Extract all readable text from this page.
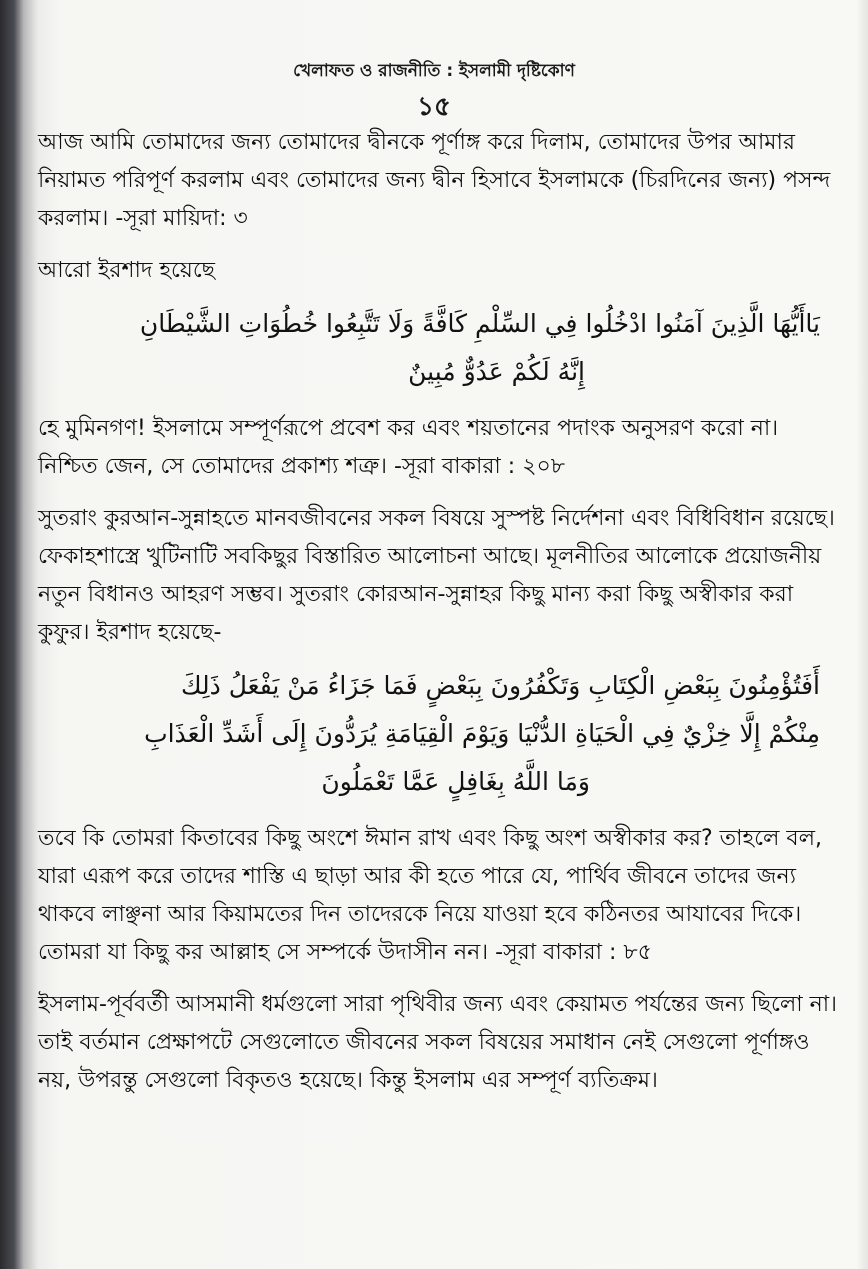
খেলাফত ও রাজনীতি : ইসলামী দৃষ্টিকোণ
১৫

আজ আমি তোমাদের জন্য তোমাদের দ্বীনকে পূর্ণাঙ্গ করে দিলাম, তোমাদের উপর আমার নিয়ামত পরিপূর্ণ করলাম এবং তোমাদের জন্য দ্বীন হিসাবে ইসলামকে (চিরদিনের জন্য) পসন্দ করলাম। -সূরা মায়িদা: ৩

আরো ইরশাদ হয়েছে

يَاأَيُّهَا الَّذِينَ آمَنُوا ادْخُلُوا فِي السِّلْمِ كَافَّةً وَلَا تَتَّبِعُوا خُطُوَاتِ الشَّيْطَانِ
إِنَّهُ لَكُمْ عَدُوٌّ مُبِينٌ

হে মুমিনগণ! ইসলামে সম্পূর্ণরূপে প্রবেশ কর এবং শয়তানের পদাংক অনুসরণ করো না। নিশ্চিত জেন, সে তোমাদের প্রকাশ্য শত্রু। -সূরা বাকারা : ২০৮

সুতরাং কুরআন-সুন্নাহতে মানবজীবনের সকল বিষয়ে সুস্পষ্ট নির্দেশনা এবং বিধিবিধান রয়েছে। ফেকাহশাস্ত্রে খুটিনাটি সবকিছুর বিস্তারিত আলোচনা আছে। মূলনীতির আলোকে প্রয়োজনীয় নতুন বিধানও আহরণ সম্ভব। সুতরাং কোরআন-সুন্নাহর কিছু মান্য করা কিছু অস্বীকার করা কুফুর। ইরশাদ হয়েছে-

أَفَتُؤْمِنُونَ بِبَعْضِ الْكِتَابِ وَتَكْفُرُونَ بِبَعْضٍ فَمَا جَزَاءُ مَنْ يَفْعَلُ ذَلِكَ
مِنْكُمْ إِلَّا خِزْيٌ فِي الْحَيَاةِ الدُّنْيَا وَيَوْمَ الْقِيَامَةِ يُرَدُّونَ إِلَى أَشَدِّ الْعَذَابِ
وَمَا اللَّهُ بِغَافِلٍ عَمَّا تَعْمَلُونَ

তবে কি তোমরা কিতাবের কিছু অংশে ঈমান রাখ এবং কিছু অংশ অস্বীকার কর? তাহলে বল, যারা এরূপ করে তাদের শাস্তি এ ছাড়া আর কী হতে পারে যে, পার্থিব জীবনে তাদের জন্য থাকবে লাঞ্ছনা আর কিয়ামতের দিন তাদেরকে নিয়ে যাওয়া হবে কঠিনতর আযাবের দিকে। তোমরা যা কিছু কর আল্লাহ সে সম্পর্কে উদাসীন নন। -সূরা বাকারা : ৮৫

ইসলাম-পূর্ববর্তী আসমানী ধর্মগুলো সারা পৃথিবীর জন্য এবং কেয়ামত পর্যন্তের জন্য ছিলো না। তাই বর্তমান প্রেক্ষাপটে সেগুলোতে জীবনের সকল বিষয়ের সমাধান নেই সেগুলো পূর্ণাঙ্গও নয়, উপরন্তু সেগুলো বিকৃতও হয়েছে। কিন্তু ইসলাম এর সম্পূর্ণ ব্যতিক্রম।
